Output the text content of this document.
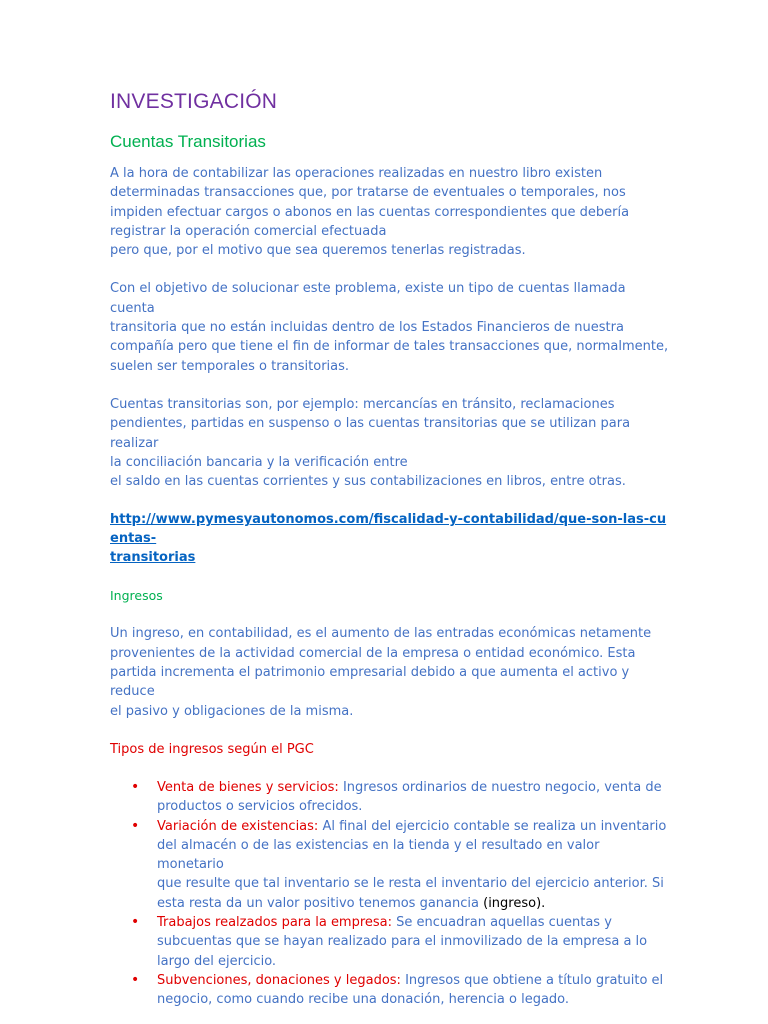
INVESTIGACIÓN
Cuentas Transitorias

A la hora de contabilizar las operaciones realizadas en nuestro libro existen
determinadas transacciones que, por tratarse de eventuales o temporales, nos
impiden efectuar cargos o abonos en las cuentas correspondientes que debería
registrar la operación comercial efectuada
pero que, por el motivo que sea queremos tenerlas registradas.

Con el objetivo de solucionar este problema, existe un tipo de cuentas llamada cuenta
transitoria que no están incluidas dentro de los Estados Financieros de nuestra
compañía pero que tiene el fin de informar de tales transacciones que, normalmente,
suelen ser temporales o transitorias.

Cuentas transitorias son, por ejemplo: mercancías en tránsito, reclamaciones
pendientes, partidas en suspenso o las cuentas transitorias que se utilizan para realizar
la conciliación bancaria y la verificación entre
el saldo en las cuentas corrientes y sus contabilizaciones en libros, entre otras.

http://www.pymesyautonomos.com/fiscalidad-y-contabilidad/que-son-las-cuentas-
transitorias

Ingresos

Un ingreso, en contabilidad, es el aumento de las entradas económicas netamente
provenientes de la actividad comercial de la empresa o entidad económico. Esta
partida incrementa el patrimonio empresarial debido a que aumenta el activo y reduce
el pasivo y obligaciones de la misma.

Tipos de ingresos según el PGC

• Venta de bienes y servicios: Ingresos ordinarios de nuestro negocio, venta de
productos o servicios ofrecidos.
• Variación de existencias: Al final del ejercicio contable se realiza un inventario
del almacén o de las existencias en la tienda y el resultado en valor monetario
que resulte que tal inventario se le resta el inventario del ejercicio anterior. Si
esta resta da un valor positivo tenemos ganancia (ingreso).
• Trabajos realzados para la empresa: Se encuadran aquellas cuentas y
subcuentas que se hayan realizado para el inmovilizado de la empresa a lo
largo del ejercicio.
• Subvenciones, donaciones y legados: Ingresos que obtiene a título gratuito el
negocio, como cuando recibe una donación, herencia o legado.
